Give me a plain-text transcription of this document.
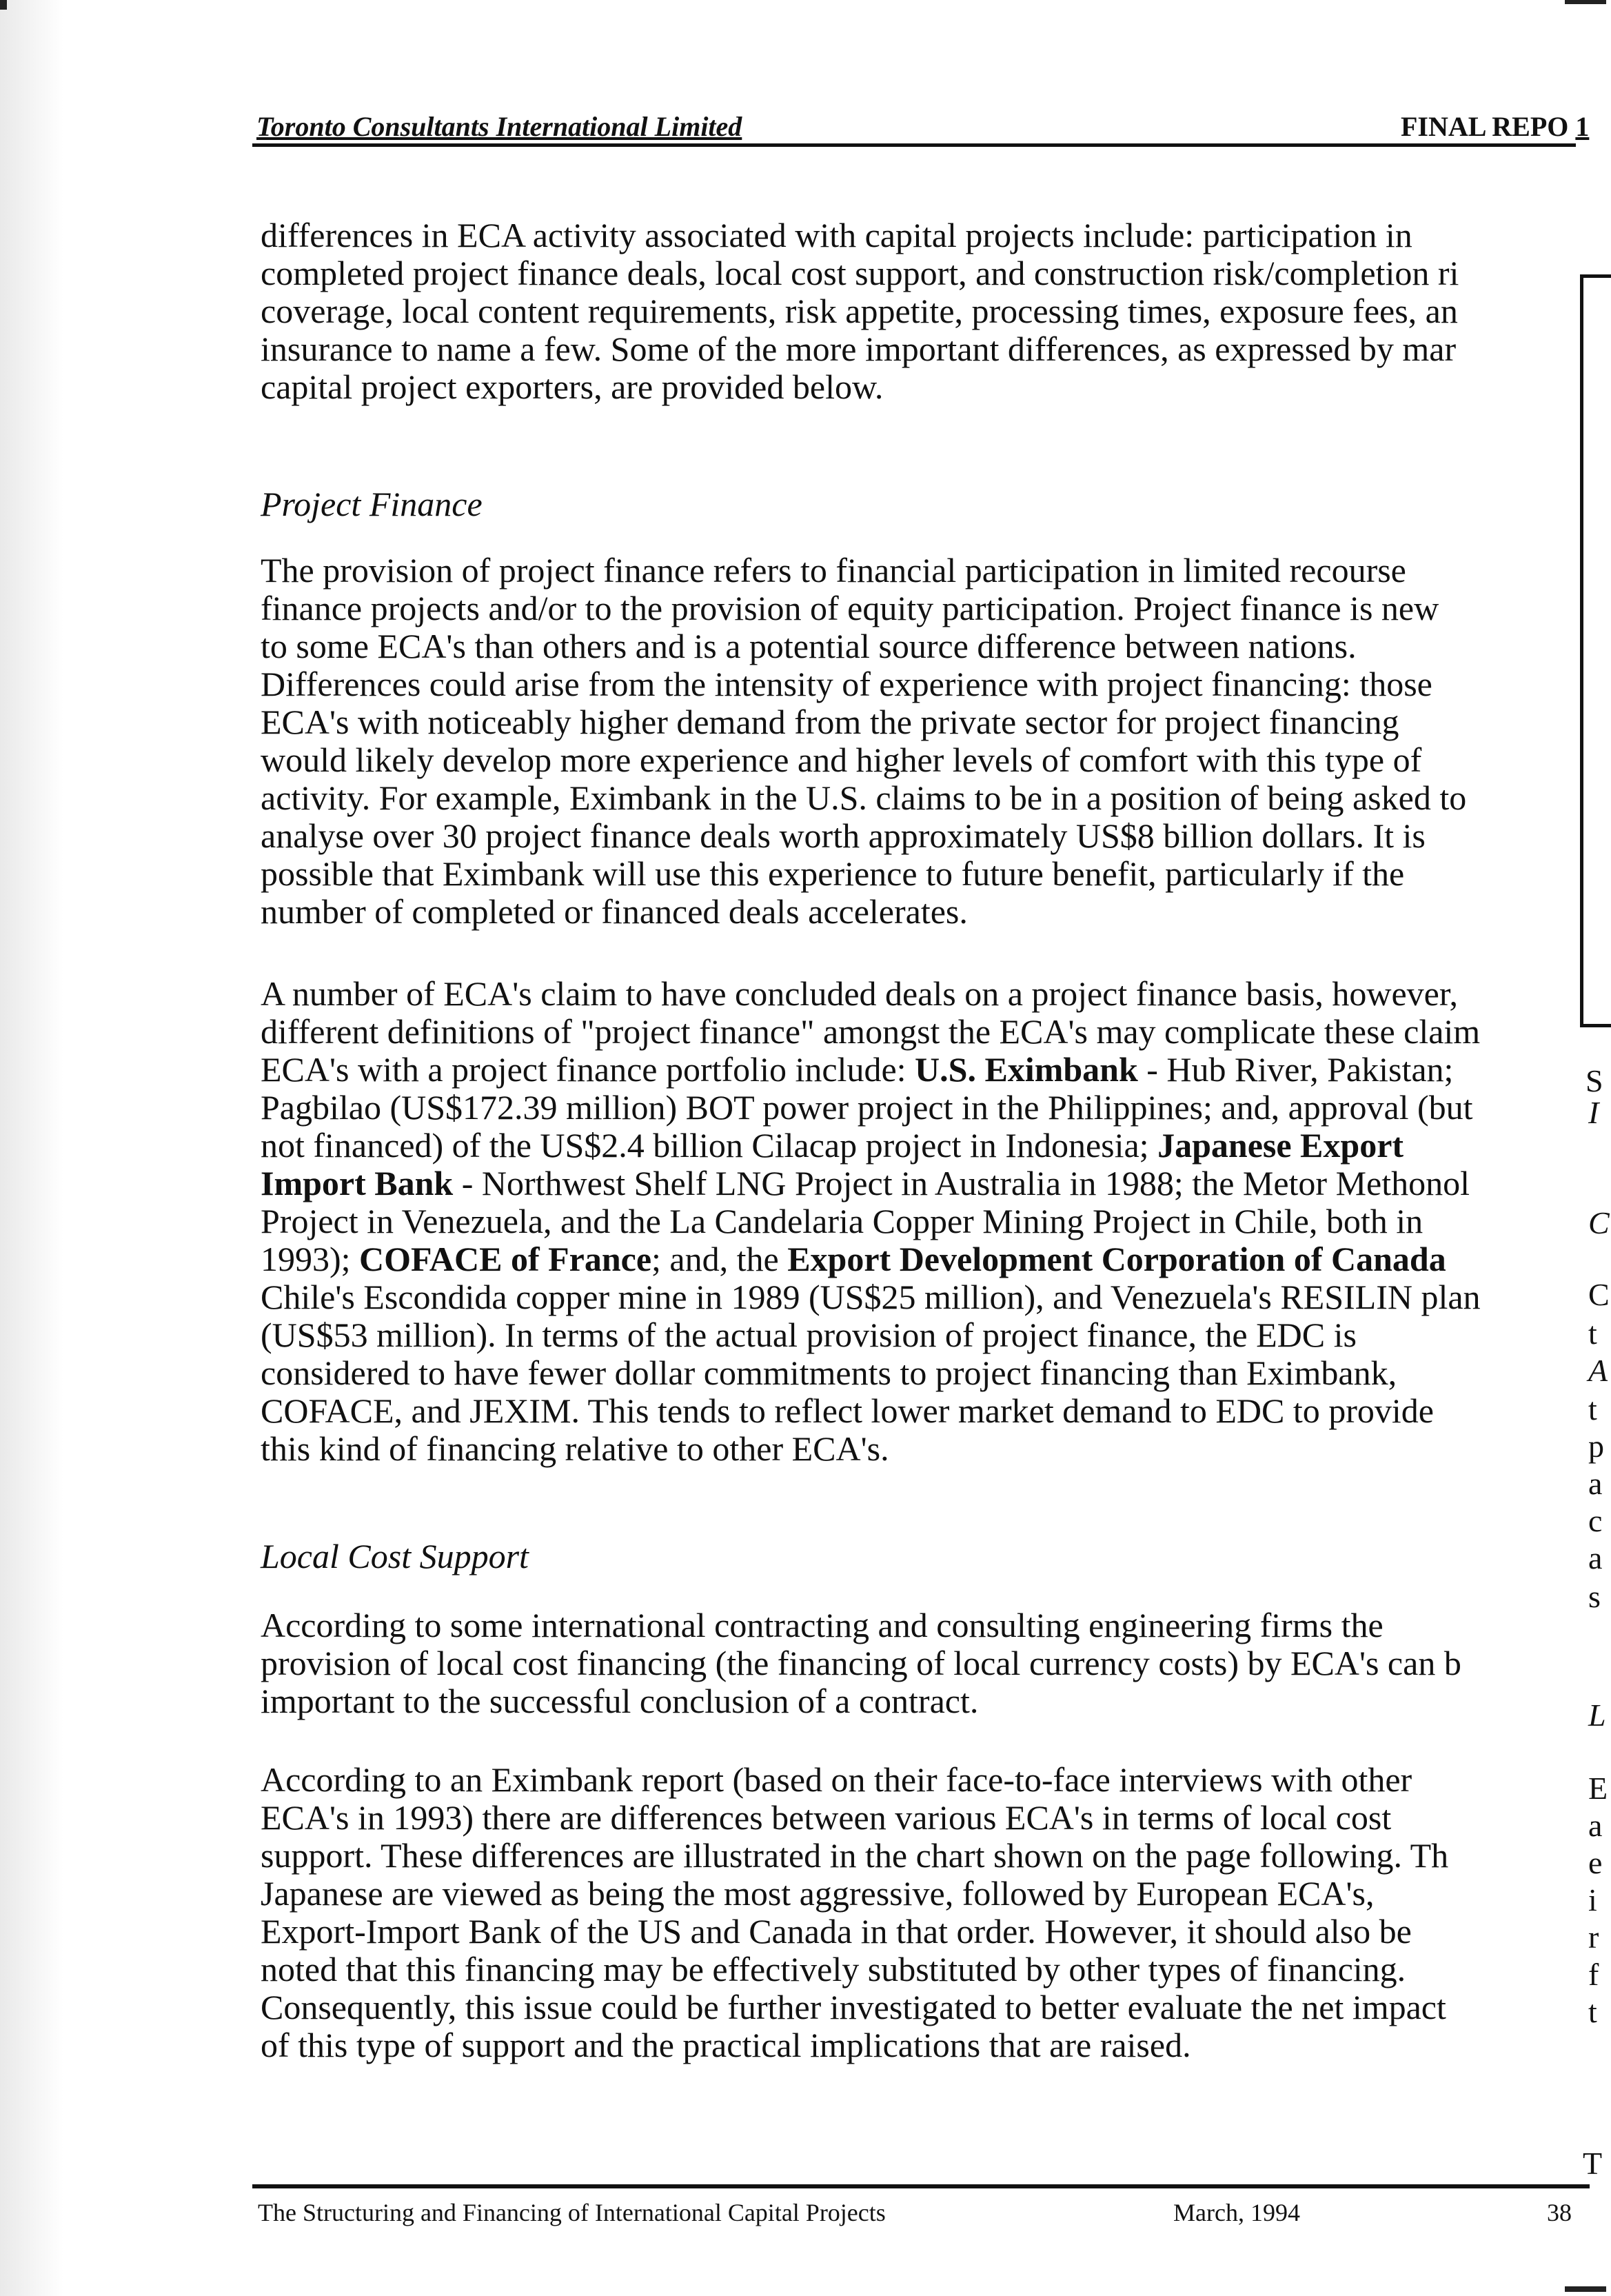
Toronto Consultants International Limited	FINAL REPO 1
differences in ECA activity associated with capital projects include: participation in
completed project finance deals, local cost support, and construction risk/completion ri
coverage, local content requirements, risk appetite, processing times, exposure fees, an
insurance to name a few. Some of the more important differences, as expressed by mar
capital project exporters, are provided below.
Project Finance
The provision of project finance refers to financial participation in limited recourse
finance projects and/or to the provision of equity participation. Project finance is new
to some ECA's than others and is a potential source difference between nations.
Differences could arise from the intensity of experience with project financing: those
ECA's with noticeably higher demand from the private sector for project financing
would likely develop more experience and higher levels of comfort with this type of
activity. For example, Eximbank in the U.S. claims to be in a position of being asked to
analyse over 30 project finance deals worth approximately US$8 billion dollars. It is
possible that Eximbank will use this experience to future benefit, particularly if the
number of completed or financed deals accelerates.
A number of ECA's claim to have concluded deals on a project finance basis, however,
different definitions of "project finance" amongst the ECA's may complicate these claim
ECA's with a project finance portfolio include: U.S. Eximbank - Hub River, Pakistan;
Pagbilao (US$172.39 million) BOT power project in the Philippines; and, approval (but
not financed) of the US$2.4 billion Cilacap project in Indonesia; Japanese Export
Import Bank - Northwest Shelf LNG Project in Australia in 1988; the Metor Methonol
Project in Venezuela, and the La Candelaria Copper Mining Project in Chile, both in
1993); COFACE of France; and, the Export Development Corporation of Canada
Chile's Escondida copper mine in 1989 (US$25 million), and Venezuela's RESILIN plan
(US$53 million). In terms of the actual provision of project finance, the EDC is
considered to have fewer dollar commitments to project financing than Eximbank,
COFACE, and JEXIM. This tends to reflect lower market demand to EDC to provide
this kind of financing relative to other ECA's.
Local Cost Support
According to some international contracting and consulting engineering firms the
provision of local cost financing (the financing of local currency costs) by ECA's can b
important to the successful conclusion of a contract.
According to an Eximbank report (based on their face-to-face interviews with other
ECA's in 1993) there are differences between various ECA's in terms of local cost
support. These differences are illustrated in the chart shown on the page following. Th
Japanese are viewed as being the most aggressive, followed by European ECA's,
Export-Import Bank of the US and Canada in that order. However, it should also be
noted that this financing may be effectively substituted by other types of financing.
Consequently, this issue could be further investigated to better evaluate the net impact
of this type of support and the practical implications that are raised.
S
I
C
C
t
A
t
p
a
c
a
s
L
E
a
e
i
r
f
t
T
The Structuring and Financing of International Capital Projects	March, 1994	38
